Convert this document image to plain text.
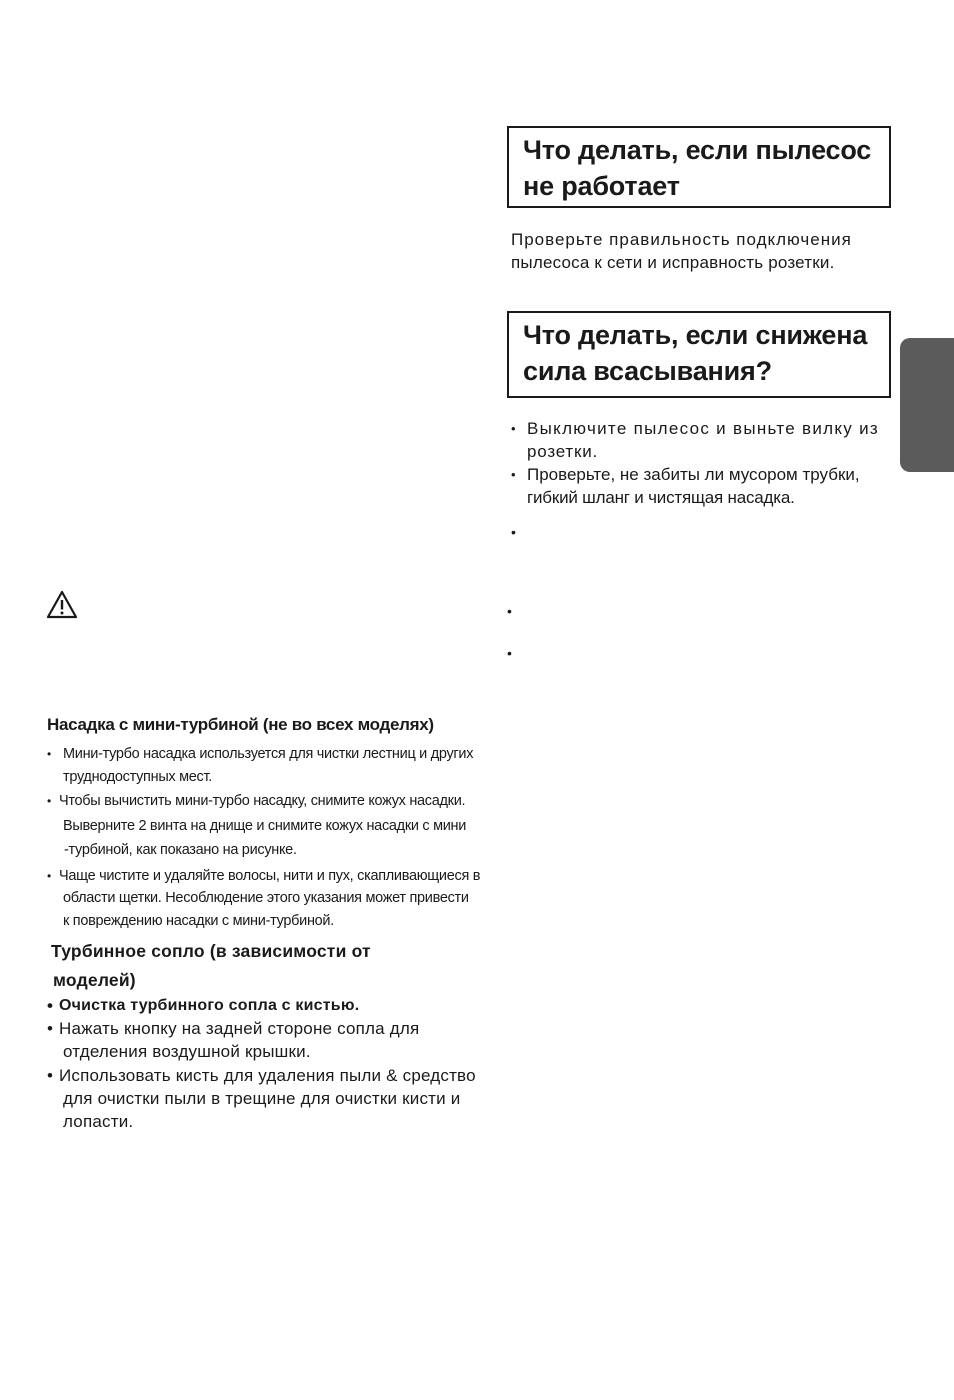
Что делать, если пылесос
не работает
Проверьте правильность подключения
пылесоса к сети и исправность розетки.
Что делать, если снижена
сила всасывания?
• Выключите пылесос и выньте вилку из
розетки.
• Проверьте, не забиты ли мусором трубки,
гибкий шланг и чистящая насадка.
•
•
•
Насадка с мини-турбиной (не во всех моделях)
• Мини-турбо насадка используется для чистки лестниц и других
труднодоступных мест.
• Чтобы вычистить мини-турбо насадку, снимите кожух насадки.
Выверните 2 винта на днище и снимите кожух насадки с мини
-турбиной, как показано на рисунке.
• Чаще чистите и удаляйте волосы, нити и пух, скапливающиеся в
области щетки. Несоблюдение этого указания может привести
к повреждению насадки с мини-турбиной.
Турбинное сопло (в зависимости от
моделей)
• Очистка турбинного сопла с кистью.
• Нажать кнопку на задней стороне сопла для
отделения воздушной крышки.
• Использовать кисть для удаления пыли & средство
для очистки пыли в трещине для очистки кисти и
лопасти.
